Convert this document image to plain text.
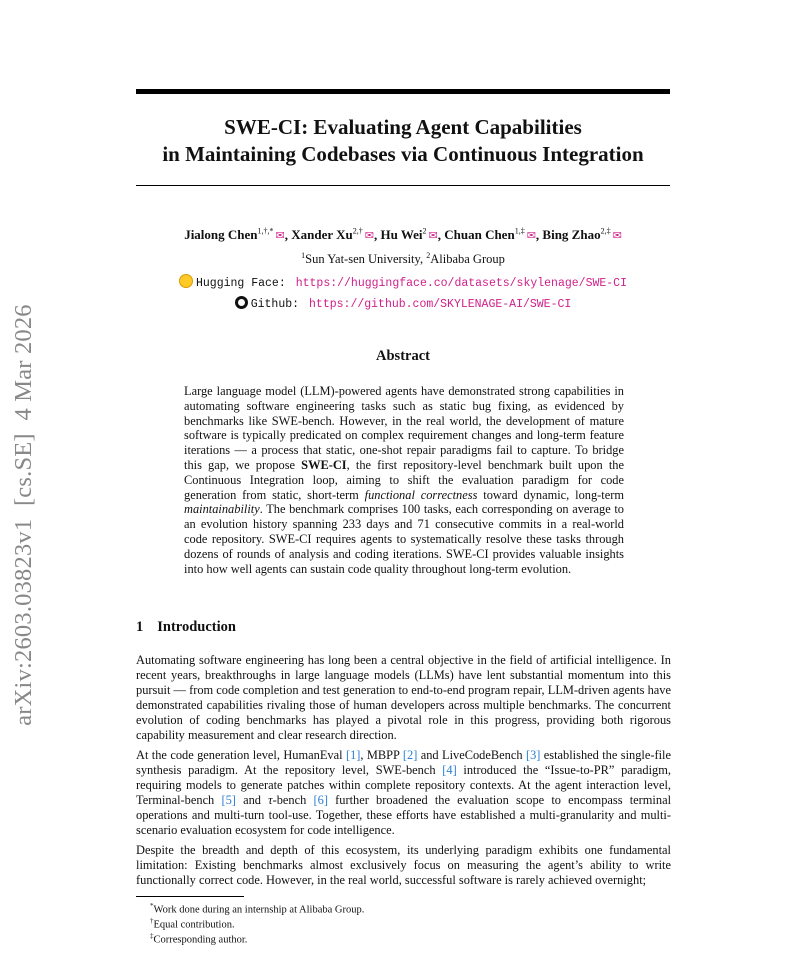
arXiv:2603.03823v1  [cs.SE]  4 Mar 2026
SWE-CI: Evaluating Agent Capabilities
in Maintaining Codebases via Continuous Integration
Jialong Chen$^{1,\dagger,*}$ ✉, Xander $Xu^{2,\dagger}$ ✉, Hu Wei$^2$ ✉, Chuan Chen$^{1,\ddagger}$ ✉, Bing Zhao$^{2,\ddagger}$ ✉
$^1$Sun Yat-sen University, $^2$Alibaba Group
Hugging Face: https://huggingface.co/datasets/skylenage/SWE-CI
Github: https://github.com/SKYLENAGE-AI/SWE-CI
Abstract
Large language model (LLM)-powered agents have demonstrated strong capabilities in automating software engineering tasks such as static bug fixing, as evidenced by benchmarks like SWE-bench. However, in the real world, the development of mature software is typically predicated on complex requirement changes and long-term feature iterations — a process that static, one-shot repair paradigms fail to capture. To bridge this gap, we propose SWE-CI, the first repository-level benchmark built upon the Continuous Integration loop, aiming to shift the evaluation paradigm for code generation from static, short-term functional correctness toward dynamic, long-term maintainability. The benchmark comprises 100 tasks, each corresponding on average to an evolution history spanning 233 days and 71 consecutive commits in a real-world code repository. SWE-CI requires agents to systematically resolve these tasks through dozens of rounds of analysis and coding iterations. SWE-CI provides valuable insights into how well agents can sustain code quality throughout long-term evolution.
1 Introduction
Automating software engineering has long been a central objective in the field of artificial intelligence. In recent years, breakthroughs in large language models (LLMs) have lent substantial momentum into this pursuit — from code completion and test generation to end-to-end program repair, LLM-driven agents have demonstrated capabilities rivaling those of human developers across multiple benchmarks. The concurrent evolution of coding benchmarks has played a pivotal role in this progress, providing both rigorous capability measurement and clear research direction.
At the code generation level, HumanEval [1], MBPP [2] and LiveCodeBench [3] established the single-file synthesis paradigm. At the repository level, SWE-bench [4] introduced the “Issue-to-PR” paradigm, requiring models to generate patches within complete repository contexts. At the agent interaction level, Terminal-bench [5] and τ-bench [6] further broadened the evaluation scope to encompass terminal operations and multi-turn tool-use. Together, these efforts have established a multi-granularity and multi-scenario evaluation ecosystem for code intelligence.
Despite the breadth and depth of this ecosystem, its underlying paradigm exhibits one fundamental limitation: Existing benchmarks almost exclusively focus on measuring the agent’s ability to write functionally correct code. However, in the real world, successful software is rarely achieved overnight;
*Work done during an internship at Alibaba Group.
†Equal contribution.
‡Corresponding author.
